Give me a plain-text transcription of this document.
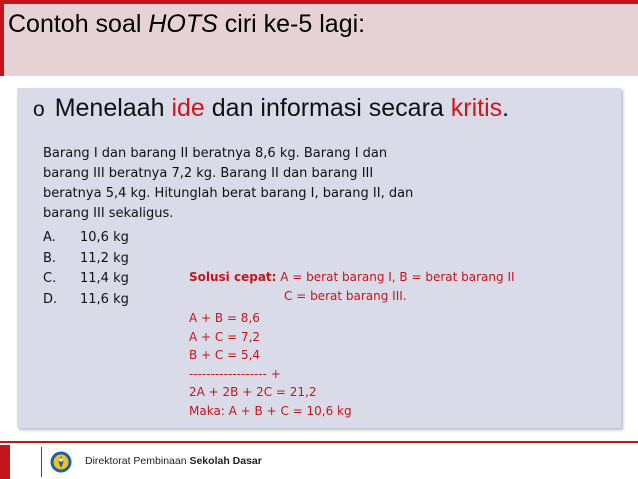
Contoh soal HOTS ciri ke-5 lagi:
o Menelaah ide dan informasi secara kritis.

Barang I dan barang II beratnya 8,6 kg. Barang I dan

barang III beratnya 7,2 kg. Barang II dan barang III

beratnya 5,4 kg. Hitunglah berat barang I, barang II, dan

barang III sekaligus.

A.	10,6 kg
B.	11,2 kg
C.	11,4 kg
D.	11,6 kg
Solusi cepat: A = berat barang I, B = berat barang II
C = berat barang III.
A + B = 8,6
A + C = 7,2
B + C = 5,4
------------------ +
2A + 2B + 2C = 21,2
Maka: A + B + C = 10,6 kg
Direktorat Pembinaan Sekolah Dasar
